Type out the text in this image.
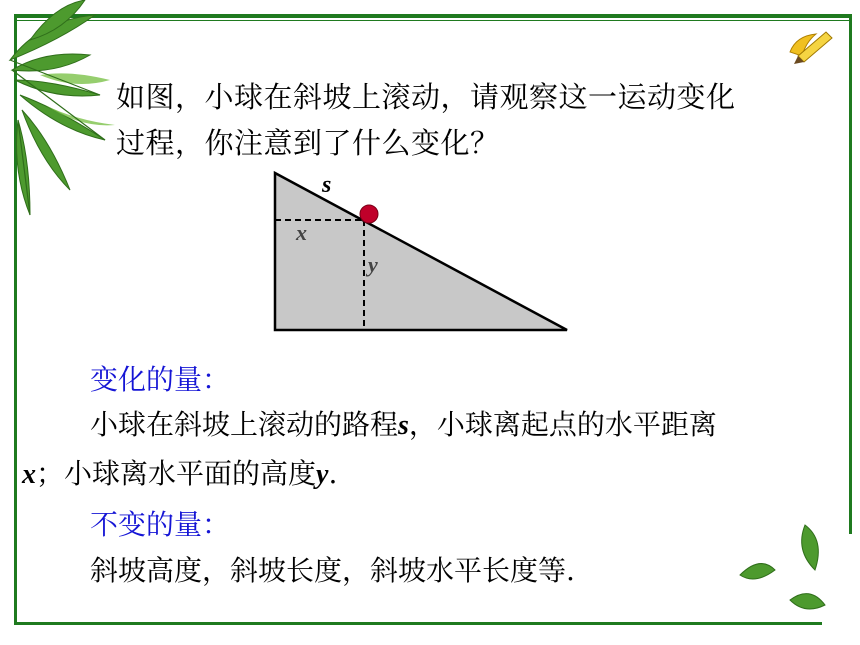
如图，小球在斜坡上滚动，请观察这一运动变化
过程，你注意到了什么变化？
s
x
y
变化的量：
小球在斜坡上滚动的路程s，小球离起点的水平距离
x；小球离水平面的高度y.
不变的量：
斜坡高度，斜坡长度，斜坡水平长度等.
